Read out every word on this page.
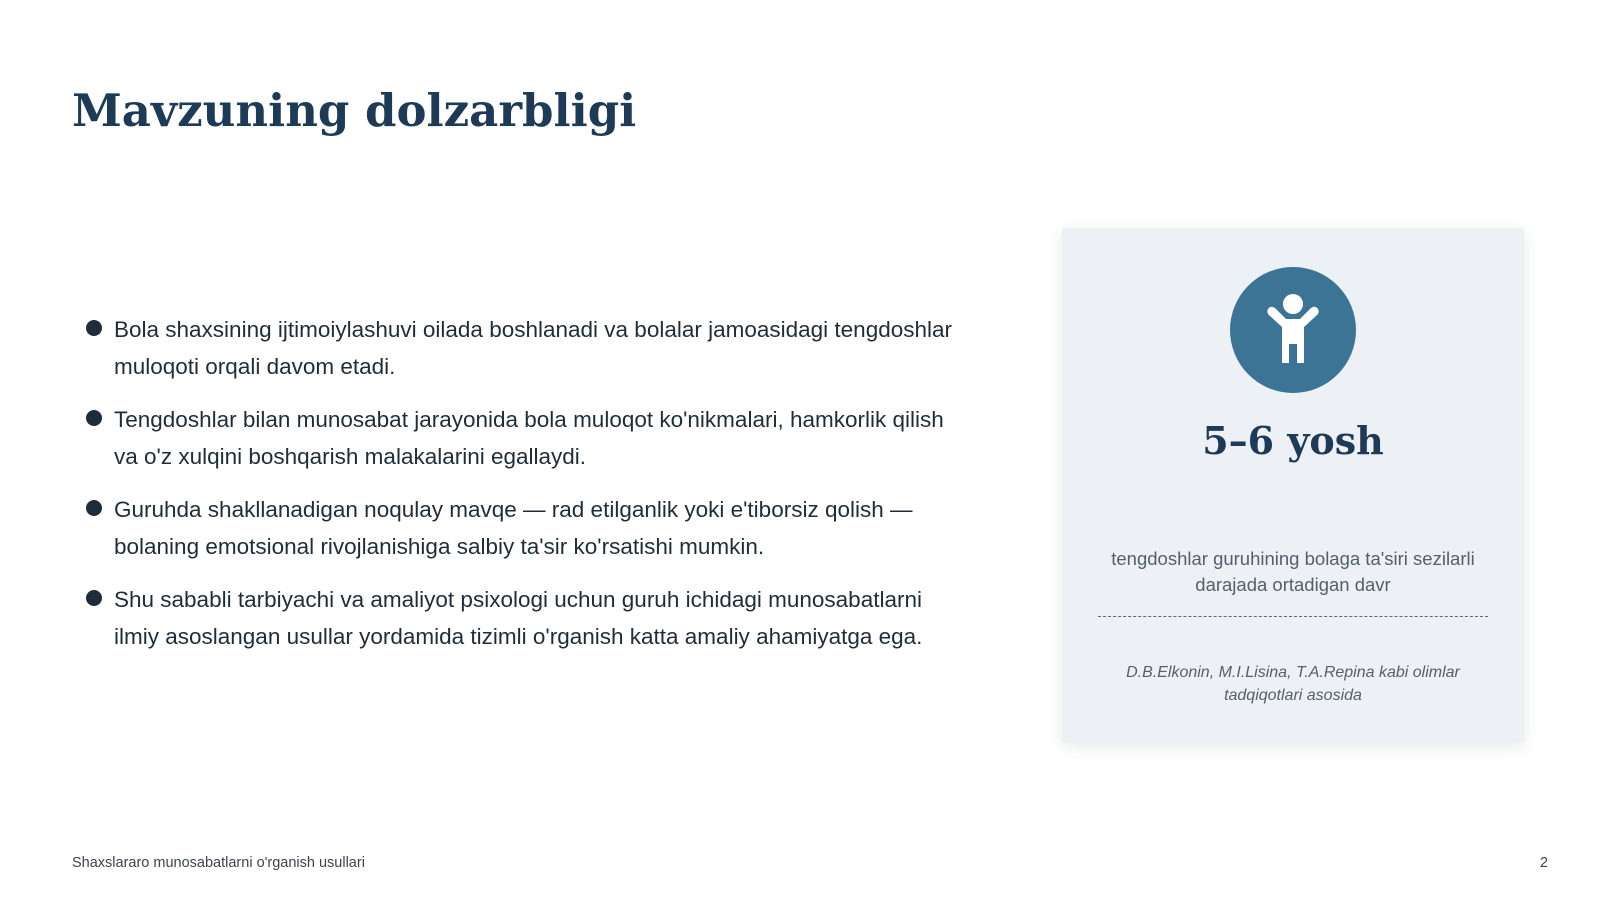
Mavzuning dolzarbligi
Bola shaxsining ijtimoiylashuvi oilada boshlanadi va bolalar jamoasidagi tengdoshlar muloqoti orqali davom etadi.
Tengdoshlar bilan munosabat jarayonida bola muloqot ko'nikmalari, hamkorlik qilish va o'z xulqini boshqarish malakalarini egallaydi.
Guruhda shakllanadigan noqulay mavqe — rad etilganlik yoki e'tiborsiz qolish — bolaning emotsional rivojlanishiga salbiy ta'sir ko'rsatishi mumkin.
Shu sababli tarbiyachi va amaliyot psixologi uchun guruh ichidagi munosabatlarni ilmiy asoslangan usullar yordamida tizimli o'rganish katta amaliy ahamiyatga ega.
5–6 yosh
tengdoshlar guruhining bolaga ta'siri sezilarli darajada ortadigan davr
D.B.Elkonin, M.I.Lisina, T.A.Repina kabi olimlar tadqiqotlari asosida
Shaxslararo munosabatlarni o'rganish usullari	2
